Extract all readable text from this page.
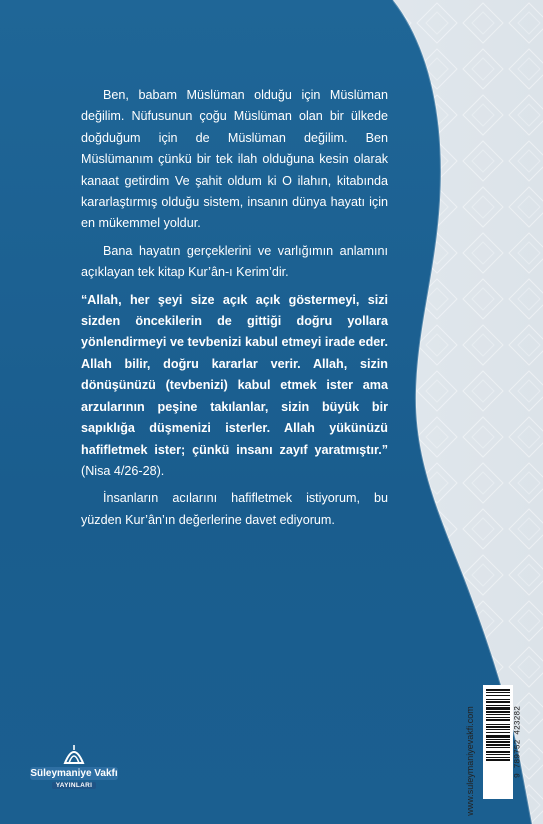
Ben, babam Müslüman olduğu için Müslüman değilim. Nüfusunun çoğu Müslüman olan bir ülkede doğduğum için de Müslüman değilim. Ben Müslümanım çünkü bir tek ilah olduğuna kesin olarak kanaat getirdim Ve şahit oldum ki O ilahın, kitabında kararlaştırmış olduğu sistem, insanın dünya hayatı için en mükemmel yoldur.

Bana hayatın gerçeklerini ve varlığımın anlamını açıklayan tek kitap Kur’ân-ı Kerim’dir.

“Allah, her şeyi size açık açık göstermeyi, sizi sizden öncekilerin de gittiği doğru yollara yönlendirmeyi ve tevbenizi kabul etmeyi irade eder. Allah bilir, doğru kararlar verir. Allah, sizin dönüşünüzü (tevbenizi) kabul etmek ister ama arzularının peşine takılanlar, sizin büyük bir sapıklığa düşmenizi isterler. Allah yükünüzü hafifletmek ister; çünkü insanı zayıf yaratmıştır.” (Nisa 4/26-28).

İnsanların acılarını hafifletmek istiyorum, bu yüzden Kur’ân’ın değerlerine davet ediyorum.

www.suleymaniyevakfi.com	9 789752 423282
Süleymaniye Vakfı
YAYINLARI
